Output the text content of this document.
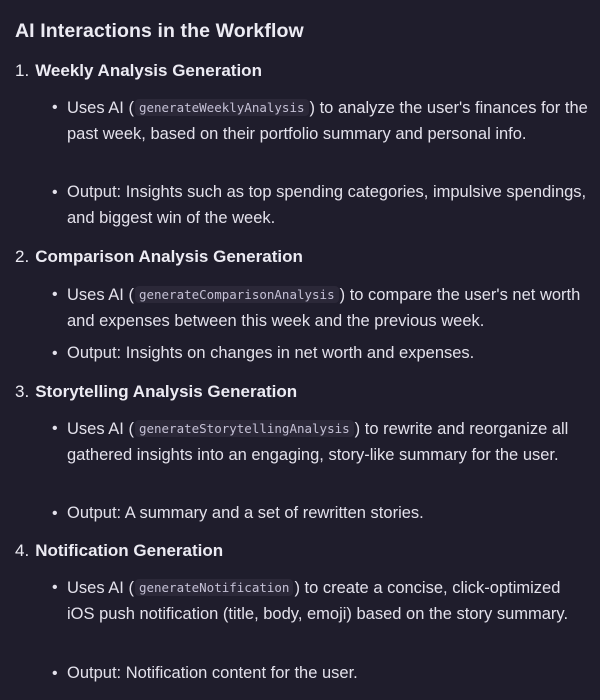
AI Interactions in the Workflow
1. Weekly Analysis Generation
• Uses AI ( generateWeeklyAnalysis ) to analyze the user's finances for the past week, based on their portfolio summary and personal info.
• Output: Insights such as top spending categories, impulsive spendings, and biggest win of the week.
2. Comparison Analysis Generation
• Uses AI ( generateComparisonAnalysis ) to compare the user's net worth and expenses between this week and the previous week.
• Output: Insights on changes in net worth and expenses.
3. Storytelling Analysis Generation
• Uses AI ( generateStorytellingAnalysis ) to rewrite and reorganize all gathered insights into an engaging, story-like summary for the user.
• Output: A summary and a set of rewritten stories.
4. Notification Generation
• Uses AI ( generateNotification ) to create a concise, click-optimized iOS push notification (title, body, emoji) based on the story summary.
• Output: Notification content for the user.
